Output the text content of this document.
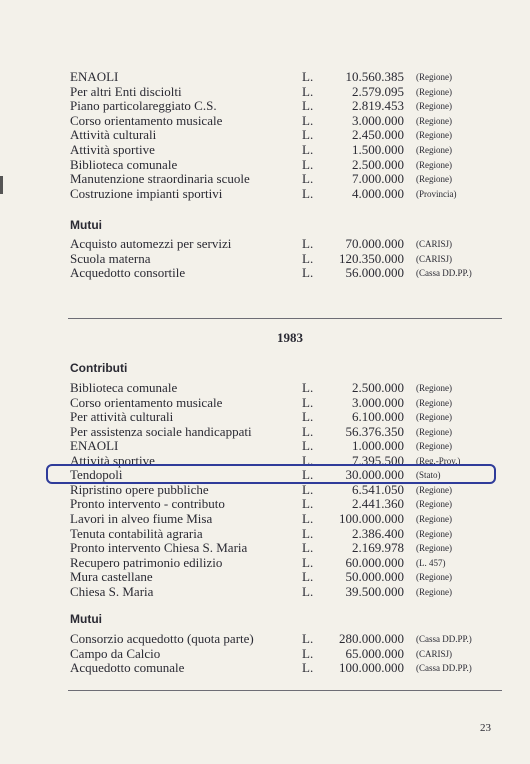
ENAOLI	L. 10.560.385 (Regione)
Per altri Enti disciolti	L.	2.579.095 (Regione)
Piano particolareggiato C.S.	L.	2.819.453 (Regione)
Corso orientamento musicale	L.	3.000.000 (Regione)
Attività culturali	L.	2.450.000 (Regione)
Attività sportive	L.	1.500.000 (Regione)
Biblioteca comunale	L.	2.500.000 (Regione)
Manutenzione straordinaria scuole	L.	7.000.000 (Regione)
Costruzione impianti sportivi	L.	4.000.000 (Provincia)
Mutui
Acquisto automezzi per servizi	L. 70.000.000 (CARISJ)
Scuola materna	L. 120.350.000 (CARISJ)
Acquedotto consortile	L. 56.000.000 (Cassa DD.PP.)
1983
Contributi
Biblioteca comunale	L.	2.500.000 (Regione)
Corso orientamento musicale	L.	3.000.000 (Regione)
Per attività culturali	L.	6.100.000 (Regione)
Per assistenza sociale handicappati	L. 56.376.350 (Regione)
ENAOLI	L.	1.000.000 (Regione)
Attività sportive	L.	7.395.500 (Reg.-Prov.)
Tendopoli	L. 30.000.000 (Stato)
Ripristino opere pubbliche	L.	6.541.050 (Regione)
Pronto intervento - contributo	L.	2.441.360 (Regione)
Lavori in alveo fiume Misa	L. 100.000.000 (Regione)
Tenuta contabilità agraria	L.	2.386.400 (Regione)
Pronto intervento Chiesa S. Maria	L.	2.169.978 (Regione)
Recupero patrimonio edilizio	L. 60.000.000 (L. 457)
Mura castellane	L. 50.000.000 (Regione)
Chiesa S. Maria	L. 39.500.000 (Regione)
Mutui
Consorzio acquedotto (quota parte)	L. 280.000.000 (Cassa DD.PP.)
Campo da Calcio	L. 65.000.000 (CARISJ)
Acquedotto comunale	L. 100.000.000 (Cassa DD.PP.)
23
